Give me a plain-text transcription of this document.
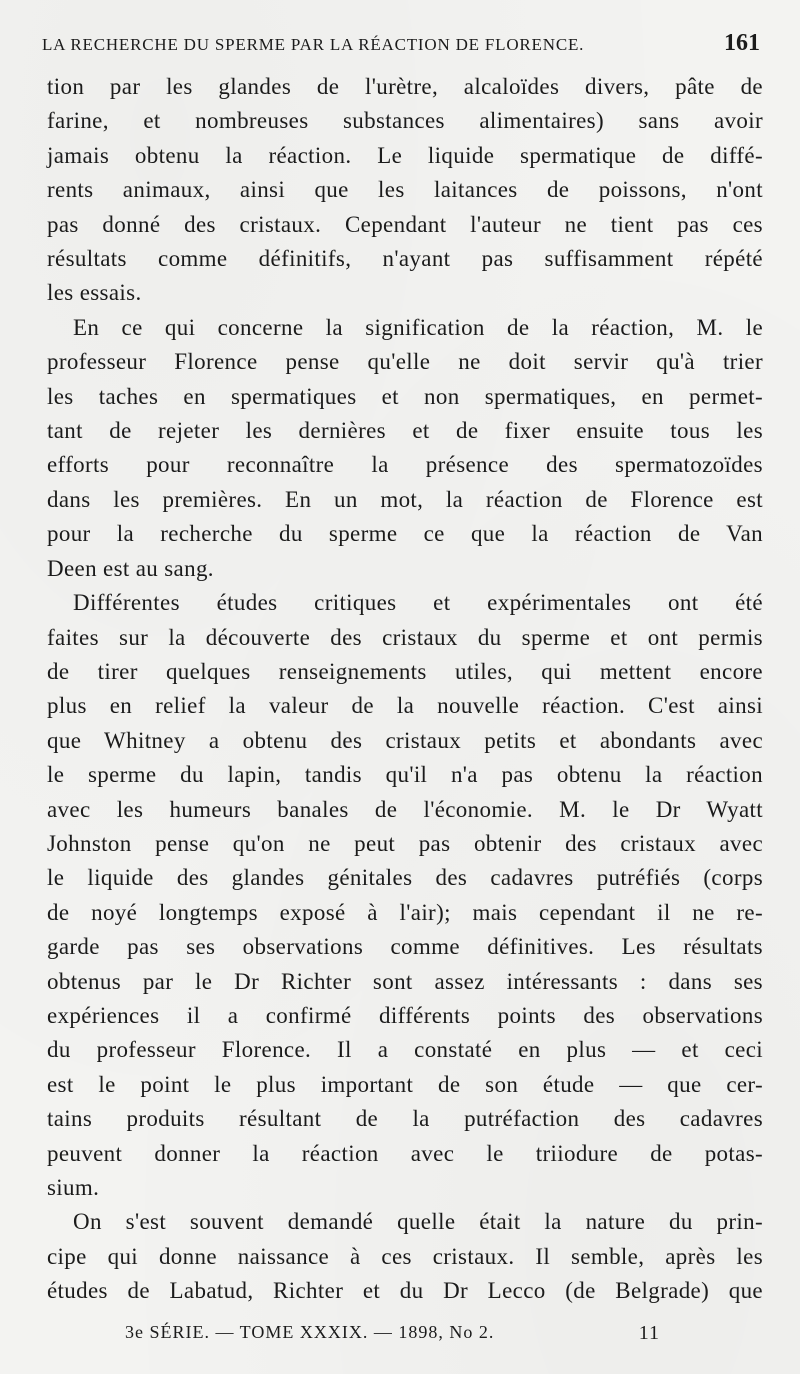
LA RECHERCHE DU SPERME PAR LA RÉACTION DE FLORENCE.	161
tion par les glandes de l'urètre, alcaloïdes divers, pâte de
farine, et nombreuses substances alimentaires) sans avoir
jamais obtenu la réaction. Le liquide spermatique de diffé-
rents animaux, ainsi que les laitances de poissons, n'ont
pas donné des cristaux. Cependant l'auteur ne tient pas ces
résultats comme définitifs, n'ayant pas suffisamment répété
les essais.
En ce qui concerne la signification de la réaction, M. le
professeur Florence pense qu'elle ne doit servir qu'à trier
les taches en spermatiques et non spermatiques, en permet-
tant de rejeter les dernières et de fixer ensuite tous les
efforts pour reconnaître la présence des spermatozoïdes
dans les premières. En un mot, la réaction de Florence est
pour la recherche du sperme ce que la réaction de Van
Deen est au sang.
Différentes études critiques et expérimentales ont été
faites sur la découverte des cristaux du sperme et ont permis
de tirer quelques renseignements utiles, qui mettent encore
plus en relief la valeur de la nouvelle réaction. C'est ainsi
que Whitney a obtenu des cristaux petits et abondants avec
le sperme du lapin, tandis qu'il n'a pas obtenu la réaction
avec les humeurs banales de l'économie. M. le Dr Wyatt
Johnston pense qu'on ne peut pas obtenir des cristaux avec
le liquide des glandes génitales des cadavres putréfiés (corps
de noyé longtemps exposé à l'air); mais cependant il ne re-
garde pas ses observations comme définitives. Les résultats
obtenus par le Dr Richter sont assez intéressants : dans ses
expériences il a confirmé différents points des observations
du professeur Florence. Il a constaté en plus — et ceci
est le point le plus important de son étude — que cer-
tains produits résultant de la putréfaction des cadavres
peuvent donner la réaction avec le triiodure de potas-
sium.
On s'est souvent demandé quelle était la nature du prin-
cipe qui donne naissance à ces cristaux. Il semble, après les
études de Labatud, Richter et du Dr Lecco (de Belgrade) que
3e SÉRIE. — TOME XXXIX. — 1898, No 2.	11
